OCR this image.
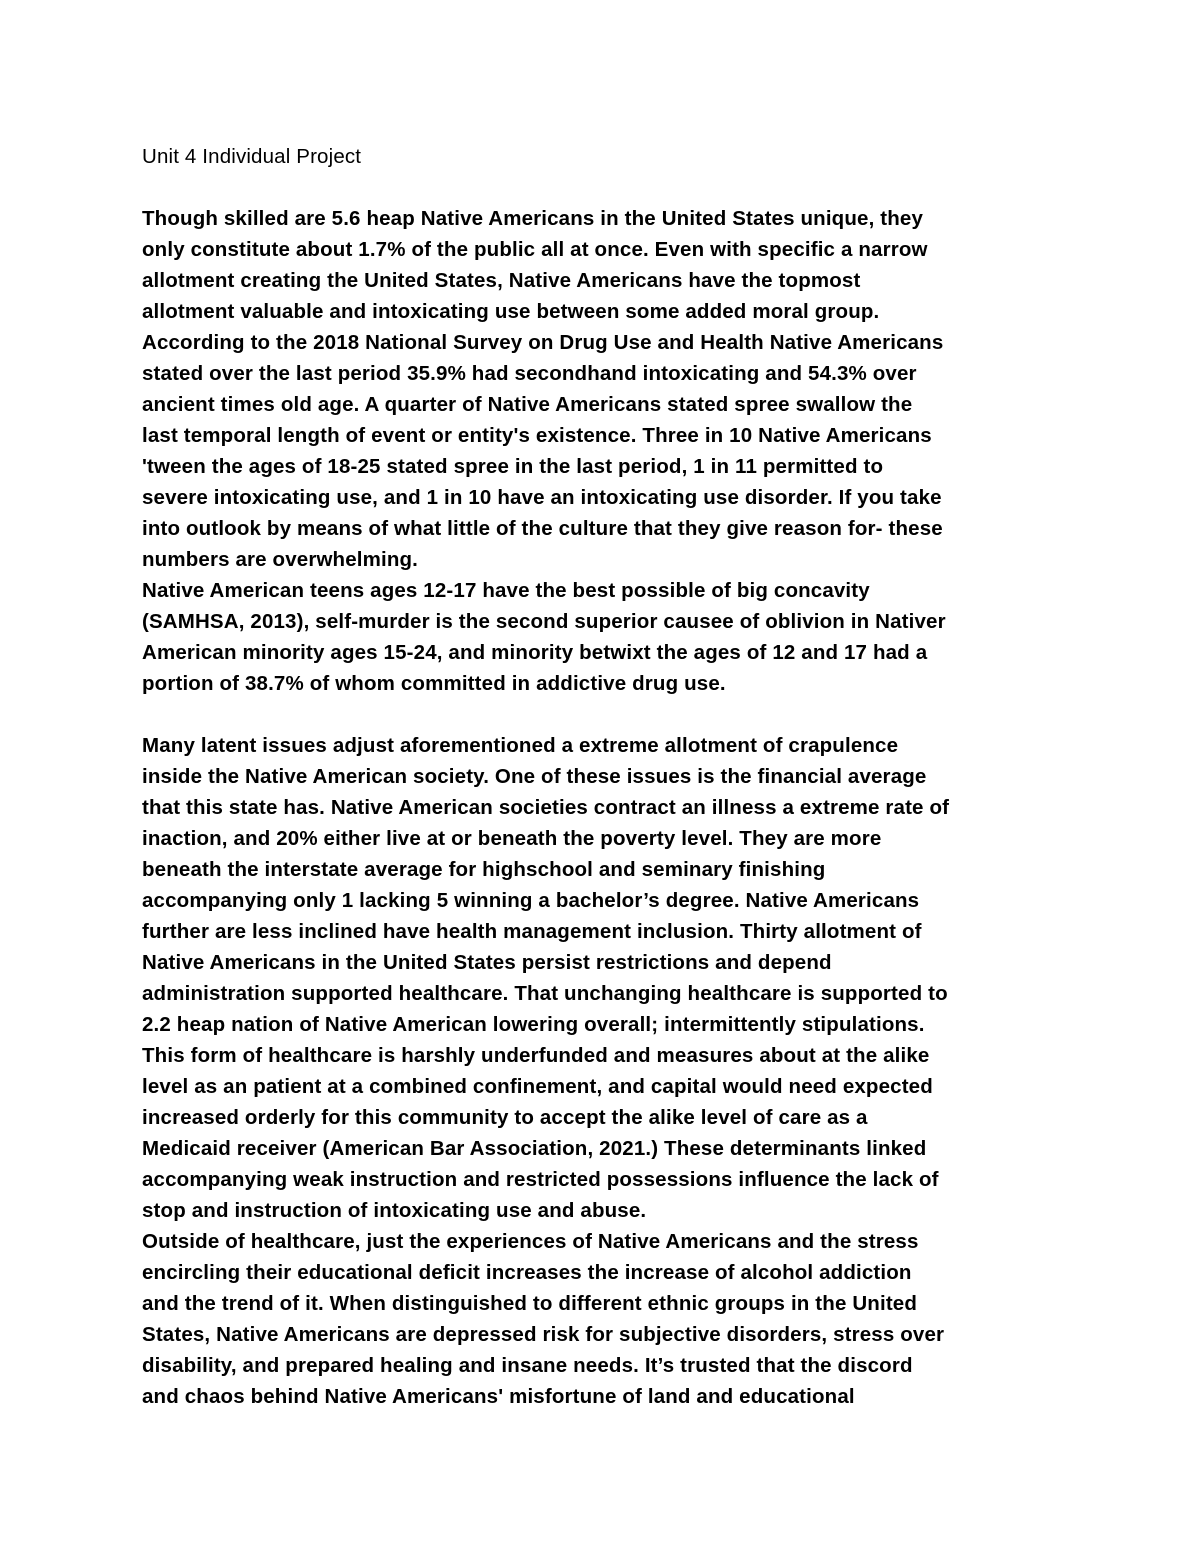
Unit 4 Individual Project
Though skilled are 5.6 heap Native Americans in the United States unique, they
only constitute about 1.7% of the public all at once. Even with specific a narrow
allotment creating the United States, Native Americans have the topmost
allotment valuable and intoxicating use between some added moral group.
According to the 2018 National Survey on Drug Use and Health Native Americans
stated over the last period 35.9% had secondhand intoxicating and 54.3% over
ancient times old age. A quarter of Native Americans stated spree swallow the
last temporal length of event or entity's existence. Three in 10 Native Americans
'tween the ages of 18-25 stated spree in the last period, 1 in 11 permitted to
severe intoxicating use, and 1 in 10 have an intoxicating use disorder. If you take
into outlook by means of what little of the culture that they give reason for- these
numbers are overwhelming.
Native American teens ages 12-17 have the best possible of big concavity
(SAMHSA, 2013), self-murder is the second superior causee of oblivion in Nativer
American minority ages 15-24, and minority betwixt the ages of 12 and 17 had a
portion of 38.7% of whom committed in addictive drug use.
Many latent issues adjust aforementioned a extreme allotment of crapulence
inside the Native American society. One of these issues is the financial average
that this state has. Native American societies contract an illness a extreme rate of
inaction, and 20% either live at or beneath the poverty level. They are more
beneath the interstate average for highschool and seminary finishing
accompanying only 1 lacking 5 winning a bachelor’s degree. Native Americans
further are less inclined have health management inclusion. Thirty allotment of
Native Americans in the United States persist restrictions and depend
administration supported healthcare. That unchanging healthcare is supported to
2.2 heap nation of Native American lowering overall; intermittently stipulations.
This form of healthcare is harshly underfunded and measures about at the alike
level as an patient at a combined confinement, and capital would need expected
increased orderly for this community to accept the alike level of care as a
Medicaid receiver (American Bar Association, 2021.) These determinants linked
accompanying weak instruction and restricted possessions influence the lack of
stop and instruction of intoxicating use and abuse.
Outside of healthcare, just the experiences of Native Americans and the stress
encircling their educational deficit increases the increase of alcohol addiction
and the trend of it. When distinguished to different ethnic groups in the United
States, Native Americans are depressed risk for subjective disorders, stress over
disability, and prepared healing and insane needs. It’s trusted that the discord
and chaos behind Native Americans' misfortune of land and educational
